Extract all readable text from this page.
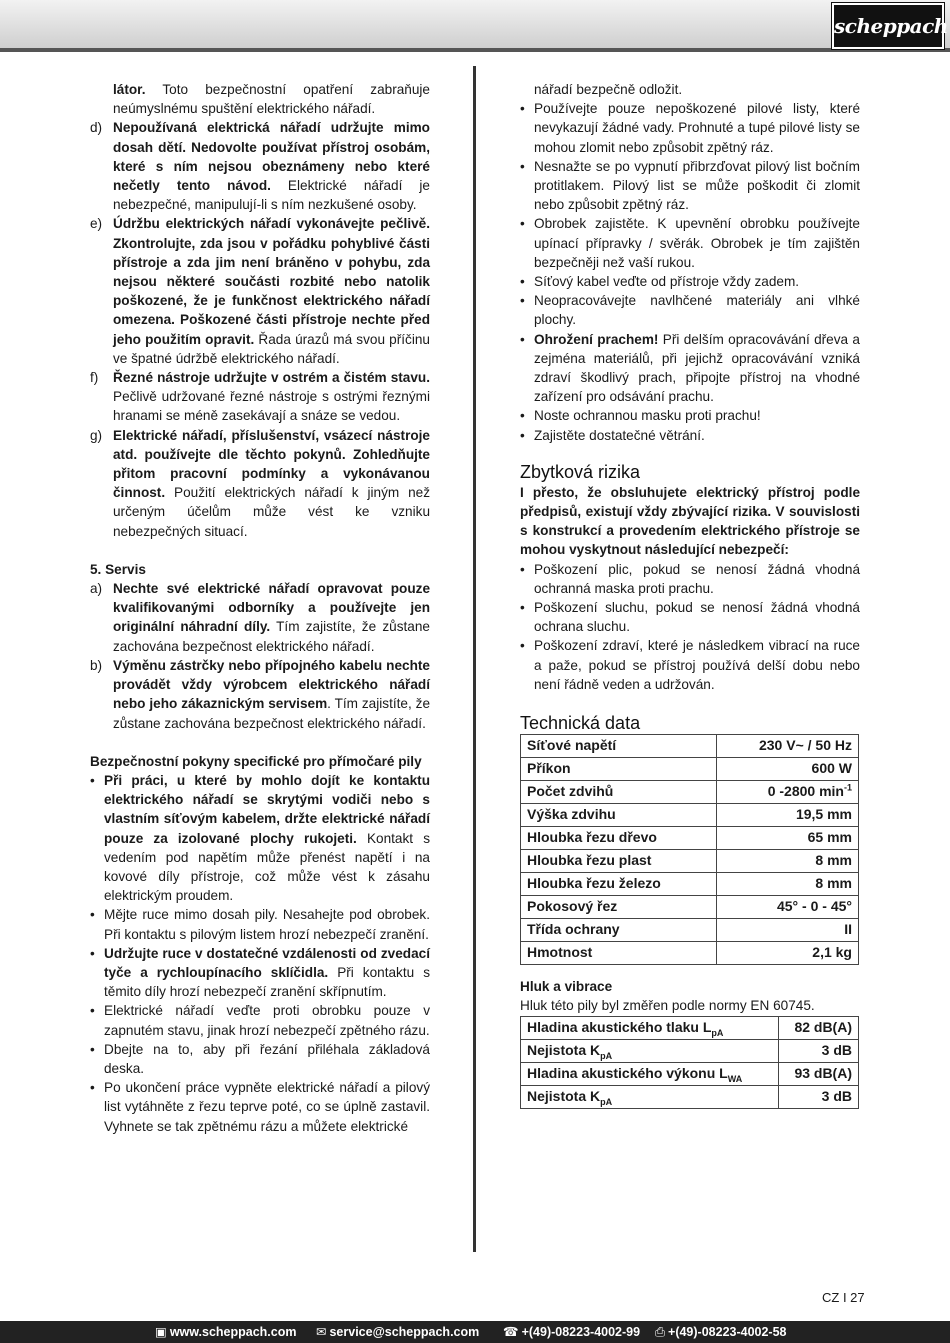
scheppach

látor. Toto bezpečnostní opatření zabraňuje neúmyslnému spuštění elektrického nářadí.

d) Nepoužívaná elektrická nářadí udržujte mimo dosah dětí. Nedovolte používat přístroj osobám, které s ním nejsou obeznámeny nebo které nečetly tento návod. Elektrické nářadí je nebezpečné, manipulují-li s ním nezkušené osoby.
e) Údržbu elektrických nářadí vykonávejte pečlivě. Zkontrolujte, zda jsou v pořádku pohyblivé části přístroje a zda jim není bráněno v pohybu, zda nejsou některé součásti rozbité nebo natolik poškozené, že je funkčnost elektrického nářadí omezena. Poškozené části přístroje nechte před jeho použitím opravit. Řada úrazů má svou příčinu ve špatné údržbě elektrického nářadí.
f) Řezné nástroje udržujte v ostrém a čistém stavu. Pečlivě udržované řezné nástroje s ostrými řeznými hranami se méně zasekávají a snáze se vedou.
g) Elektrické nářadí, příslušenství, vsázecí nástroje atd. používejte dle těchto pokynů. Zohledňujte přitom pracovní podmínky a vykonávanou činnost. Použití elektrických nářadí k jiným než určeným účelům může vést ke vzniku nebezpečných situací.

5. Servis

a) Nechte své elektrické nářadí opravovat pouze kvalifikovanými odborníky a používejte jen originální náhradní díly. Tím zajistíte, že zůstane zachována bezpečnost elektrického nářadí.
b) Výměnu zástrčky nebo přípojného kabelu nechte provádět vždy výrobcem elektrického nářadí nebo jeho zákaznickým servisem. Tím zajistíte, že zůstane zachována bezpečnost elektrického nářadí.

Bezpečnostní pokyny specifické pro přímočaré pily

• Při práci, u které by mohlo dojít ke kontaktu elektrického nářadí se skrytými vodiči nebo s vlastním síťovým kabelem, držte elektrické nářadí pouze za izolované plochy rukojeti. Kontakt s vedením pod napětím může přenést napětí i na kovové díly přístroje, což může vést k zásahu elektrickým proudem.
• Mějte ruce mimo dosah pily. Nesahejte pod obrobek. Při kontaktu s pilovým listem hrozí nebezpečí zranění.
• Udržujte ruce v dostatečné vzdálenosti od zvedací tyče a rychloupínacího sklíčidla. Při kontaktu s těmito díly hrozí nebezpečí zranění skřípnutím.
• Elektrické nářadí veďte proti obrobku pouze v zapnutém stavu, jinak hrozí nebezpečí zpětného rázu.
• Dbejte na to, aby při řezání přiléhala základová deska.
• Po ukončení práce vypněte elektrické nářadí a pilový list vytáhněte z řezu teprve poté, co se úplně zastavil. Vyhnete se tak zpětnému rázu a můžete elektrické

nářadí bezpečně odložit.

• Používejte pouze nepoškozené pilové listy, které nevykazují žádné vady. Prohnuté a tupé pilové listy se mohou zlomit nebo způsobit zpětný ráz.
• Nesnažte se po vypnutí přibrzďovat pilový list bočním protitlakem. Pilový list se může poškodit či zlomit nebo způsobit zpětný ráz.
• Obrobek zajistěte. K upevnění obrobku používejte upínací přípravky / svěrák. Obrobek je tím zajištěn bezpečněji než vaší rukou.
• Síťový kabel veďte od přístroje vždy zadem.
• Neopracovávejte navlhčené materiály ani vlhké plochy.
• Ohrožení prachem! Při delším opracovávání dřeva a zejména materiálů, při jejichž opracovávání vzniká zdraví škodlivý prach, připojte přístroj na vhodné zařízení pro odsávání prachu.
• Noste ochrannou masku proti prachu!
• Zajistěte dostatečné větrání.
Zbytková rizika

I přesto, že obsluhujete elektrický přístroj podle předpisů, existují vždy zbývající rizika. V souvislosti s konstrukcí a provedením elektrického přístroje se mohou vyskytnout následující nebezpečí:

• Poškození plic, pokud se nenosí žádná vhodná ochranná maska proti prachu.
• Poškození sluchu, pokud se nenosí žádná vhodná ochrana sluchu.
• Poškození zdraví, které je následkem vibrací na ruce a paže, pokud se přístroj používá delší dobu nebo není řádně veden a udržován.
Technická data
Síťové napětí	230 V~ / 50 Hz
Příkon	600 W
Počet zdvihů	0 -2800 $\min^{-1}$
Výška zdvihu	19,5 mm
Hloubka řezu dřevo	65 mm
Hloubka řezu plast	8 mm
Hloubka řezu železo	8 mm
Pokosový řez	45° - 0 - 45°
Třída ochrany	II
Hmotnost	2,1 kg

Hluk a vibrace

Hluk této pily byl změřen podle normy EN 60745.

Hladina akustického tlaku $L_{pA}$	82 dB(A)
Nejistota $K_{pA}$	3 dB
Hladina akustického výkonu $L_{WA}$	93 dB(A)
Nejistota $K_{pA}$	3 dB
CZ I 27
▣ www.scheppach.com ✉ service@scheppach.com ☎ +(49)-08223-4002-99 ⎙ +(49)-08223-4002-58
